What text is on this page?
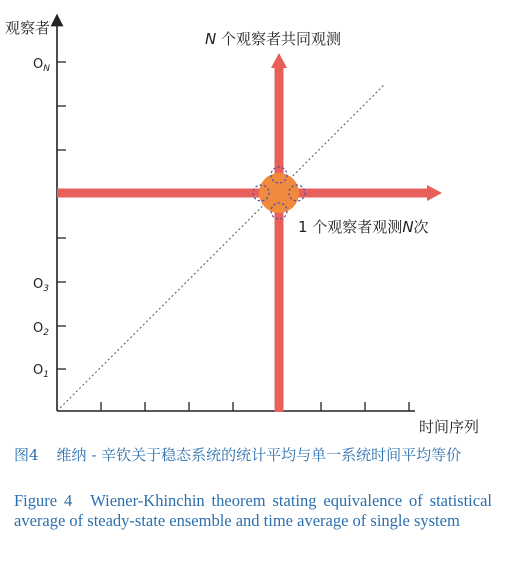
观察者
$O_N$
$O_3$
$O_2$
$O_1$
N 个观察者共同观测
1 个观察者观测N次
时间序列

图4 维纳 - 辛钦关于稳态系统的统计平均与单一系统时间平均等价

Figure 4 Wiener-Khinchin theorem stating equivalence of statistical average of steady-state ensemble and time average of single system
